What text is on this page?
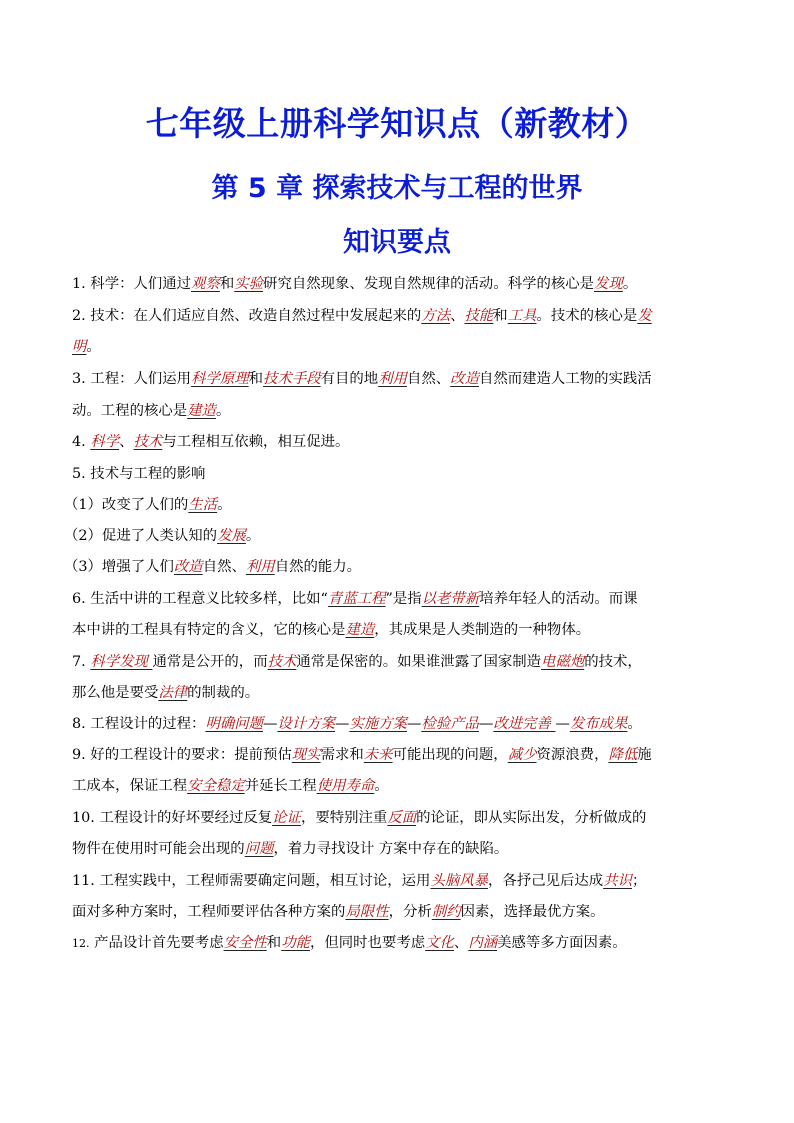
七年级上册科学知识点（新教材）
第 5 章 探索技术与工程的世界
知识要点
1. 科学：人们通过观察和实验研究自然现象、发现自然规律的活动。科学的核心是发现。
2. 技术：在人们适应自然、改造自然过程中发展起来的方法、技能和工具。技术的核心是发
明。
3. 工程：人们运用科学原理和技术手段有目的地利用自然、改造自然而建造人工物的实践活
动。工程的核心是建造。
4. 科学、技术与工程相互依赖，相互促进。
5. 技术与工程的影响
（1）改变了人们的生活。
（2）促进了人类认知的发展。
（3）增强了人们改造自然、利用自然的能力。
6. 生活中讲的工程意义比较多样，比如“青蓝工程”是指以老带新培养年轻人的活动。而课
本中讲的工程具有特定的含义，它的核心是建造，其成果是人类制造的一种物体。
7. 科学发现 通常是公开的，而技术通常是保密的。如果谁泄露了国家制造电磁炮的技术，
那么他是要受法律的制裁的。
8. 工程设计的过程：明确问题—设计方案—实施方案—检验产品—改进完善 —发布成果。
9. 好的工程设计的要求：提前预估现实需求和未来可能出现的问题，减少资源浪费，降低施
工成本，保证工程安全稳定并延长工程使用寿命。
10. 工程设计的好坏要经过反复论证，要特别注重反面的论证，即从实际出发，分析做成的
物件在使用时可能会出现的问题，着力寻找设计 方案中存在的缺陷。
11. 工程实践中，工程师需要确定问题，相互讨论，运用头脑风暴，各抒己见后达成共识；
面对多种方案时，工程师要评估各种方案的局限性，分析制约因素，选择最优方案。
12. 产品设计首先要考虑安全性和功能，但同时也要考虑文化、内涵美感等多方面因素。
